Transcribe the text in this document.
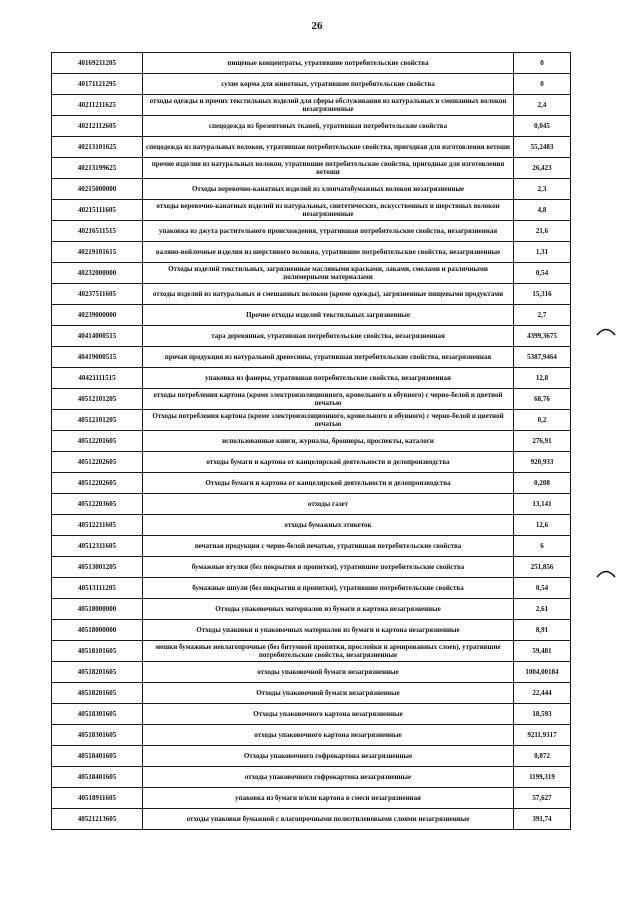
26
40169211205	пищевые концентраты, утратившие потребительские свойства	0
40171121295	сухие корма для животных, утратившие потребительские свойства	0
40211211625	отходы одежды и прочих текстильных изделий для сферы обслуживания из натуральных и смешанных волокон незагрязненные	2,4
40212112605	спецодежда из брезентовых тканей, утратившая потребительские свойства	0,045
40213101625	спецодежда из натуральных волокон, утратившая потребительские свойства, пригодная для изготовления ветоши	55,2483
40213199625	прочие изделия из натуральных волокон, утратившие потребительские свойства, пригодные для изготовления ветоши	26,423
40215000000	Отходы веревочно-канатных изделий из хлопчатобумажных волокон незагрязненные	2,3
40215111605	отходы веревочно-канатных изделий из натуральных, синтетических, искусственных и шерстяных волокон незагрязненные	4,8
40216511515	упаковка из джута растительного происхождения, утратившая потребительские свойства, незагрязненная	21,6
40219101615	валяно-войлочные изделия из шерстяного волокна, утратившие потребительские свойства, незагрязненные	1,31
40232000000	Отходы изделий текстильных, загрязненные масляными красками, лаками, смолами и различными полимерными материалами	0,54
40237511605	отходы изделий из натуральных и смешанных волокон (кроме одежды), загрязненные пищевыми продуктами	15,316
40239000000	Прочие отходы изделий текстильных загрязненные	2,7
40414000515	тара деревянная, утратившая потребительские свойства, незагрязненная	4399,3675
40419000515	прочая продукция из натуральной древесины, утратившая потребительские свойства, незагрязненная	5387,9464
40421111515	упаковка из фанеры, утратившая потребительские свойства, незагрязненная	12,8
40512101205	отходы потребления картона (кроме электроизоляционного, кровельного и обувного) с черно-белой и цветной печатью	68,76
40512101205	Отходы потребления картона (кроме электроизоляционного, кровельного и обувного) с черно-белой и цветной печатью	0,2
40512201605	использованные книги, журналы, брошюры, проспекты, каталоги	276,91
40512202605	отходы бумаги и картона от канцелярской деятельности и делопроизводства	920,933
40512202605	Отходы бумаги и картона от канцелярской деятельности и делопроизводства	0,208
40512203605	отходы газет	13,141
40512211605	отходы бумажных этикеток	12,6
40512311605	печатная продукция с черно-белой печатью, утратившая потребительские свойства	6
40513001205	бумажные втулки (без покрытия и пропитки), утратившие потребительские свойства	251,856
40513111205	бумажные шпули (без покрытия и пропитки), утратившие потребительские свойства	0,54
40518000000	Отходы упаковочных материалов из бумаги и картона незагрязненные	2,61
40518000000	Отходы упаковки и упаковочных материалов из бумаги и картона незагрязненные	8,91
40518101605	мешки бумажные невлагопрочные (без битумной пропитки, прослойки и армированных слоев), утратившие потребительские свойства, незагрязненные	59,481
40518201605	отходы упаковочной бумаги незагрязненные	1004,00184
40518201605	Отходы упаковочной бумаги незагрязненные	22,444
40518301605	Отходы упаковочного картона незагрязненные	18,593
40518301605	отходы упаковочного картона незагрязненные	9211,9317
40518401605	Отходы упаковочного гофрокартона незагрязненные	0,872
40518401605	отходы упаковочного гофрокартона незагрязненные	1199,319
40518911605	упаковка из бумаги и/или картона в смеси незагрязненная	57,627
40521213605	отходы упаковки бумажной с влагопрочными полиэтиленовыми слоями незагрязненные	391,74
